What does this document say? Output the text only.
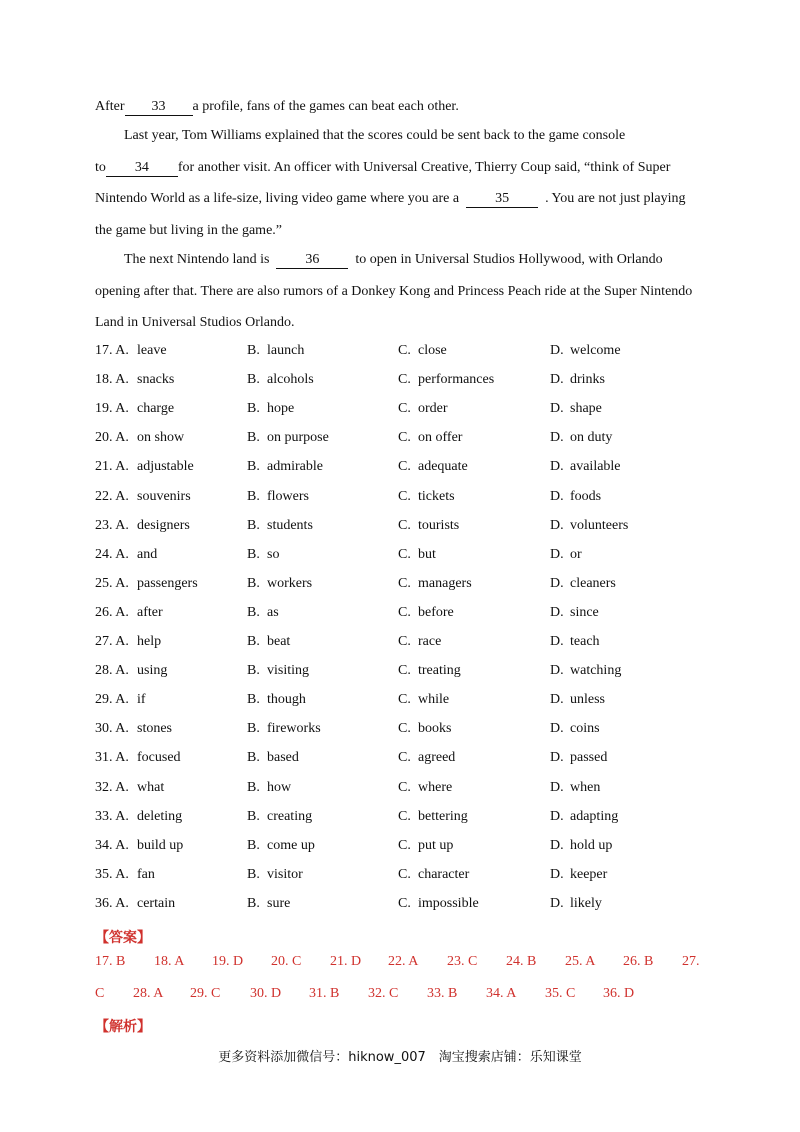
After 33 a profile, fans of the games can beat each other.
Last year, Tom Williams explained that the scores could be sent back to the game console
to 34 for another visit. An officer with Universal Creative, Thierry Coup said, “think of Super
Nintendo World as a life-size, living video game where you are a	35	. You are not just playing
the game but living in the game.”
The next Nintendo land is	36	to open in Universal Studios Hollywood, with Orlando
opening after that. There are also rumors of a Donkey Kong and Princess Peach ride at the Super Nintendo
Land in Universal Studios Orlando.
17. A. leave	B. launch	C. close	D. welcome
18. A. snacks	B. alcohols	C. performances	D. drinks
19. A. charge	B. hope	C. order	D. shape
20. A. on show	B. on purpose	C. on offer	D. on duty
21. A. adjustable	B. admirable	C. adequate	D. available
22. A. souvenirs	B. flowers	C. tickets	D. foods
23. A. designers	B. students	C. tourists	D. volunteers
24. A. and	B. so	C. but	D. or
25. A. passengers	B. workers	C. managers	D. cleaners
26. A. after	B. as	C. before	D. since
27. A. help	B. beat	C. race	D. teach
28. A. using	B. visiting	C. treating	D. watching
29. A. if	B. though	C. while	D. unless
30. A. stones	B. fireworks	C. books	D. coins
31. A. focused	B. based	C. agreed	D. passed
32. A. what	B. how	C. where	D. when
33. A. deleting	B. creating	C. bettering	D. adapting
34. A. build up	B. come up	C. put up	D. hold up
35. A. fan	B. visitor	C. character	D. keeper
36. A. certain	B. sure	C. impossible	D. likely
【答案】
17. B 18. A 19. D 20. C 21. D 22. A 23. C 24. B 25. A 26. B 27.
C 28. A 29. C 30. D 31. B 32. C 33. B 34. A 35. C 36. D
【解析】
更多资料添加微信号：hiknow_007　淘宝搜索店铺：乐知课堂
